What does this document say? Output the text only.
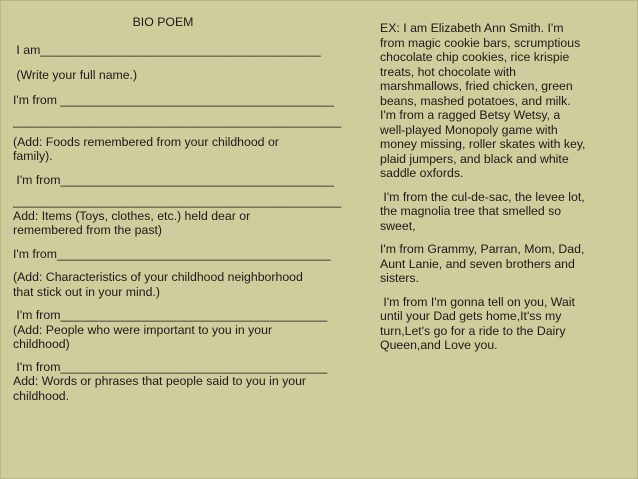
BIO POEM

I am_________________________________________

(Write your full name.)

I'm from ________________________________________

________________________________________________

(Add: Foods remembered from your childhood or
family).

I'm from________________________________________

________________________________________________
Add: Items (Toys, clothes, etc.) held dear or
remembered from the past)

I'm from________________________________________

(Add: Characteristics of your childhood neighborhood
that stick out in your mind.)

I'm from_______________________________________
(Add: People who were important to you in your
childhood)

I'm from_______________________________________
Add: Words or phrases that people said to you in your
childhood.

EX: I am Elizabeth Ann Smith. I'm
from magic cookie bars, scrumptious
chocolate chip cookies, rice krispie
treats, hot chocolate with
marshmallows, fried chicken, green
beans, mashed potatoes, and milk.
I'm from a ragged Betsy Wetsy, a
well-played Monopoly game with
money missing, roller skates with key,
plaid jumpers, and black and white
saddle oxfords.

I'm from the cul-de-sac, the levee lot,
the magnolia tree that smelled so
sweet,

I'm from Grammy, Parran, Mom, Dad,
Aunt Lanie, and seven brothers and
sisters.

I'm from I'm gonna tell on you, Wait
until your Dad gets home,It'ss my
turn,Let's go for a ride to the Dairy
Queen,and Love you.
